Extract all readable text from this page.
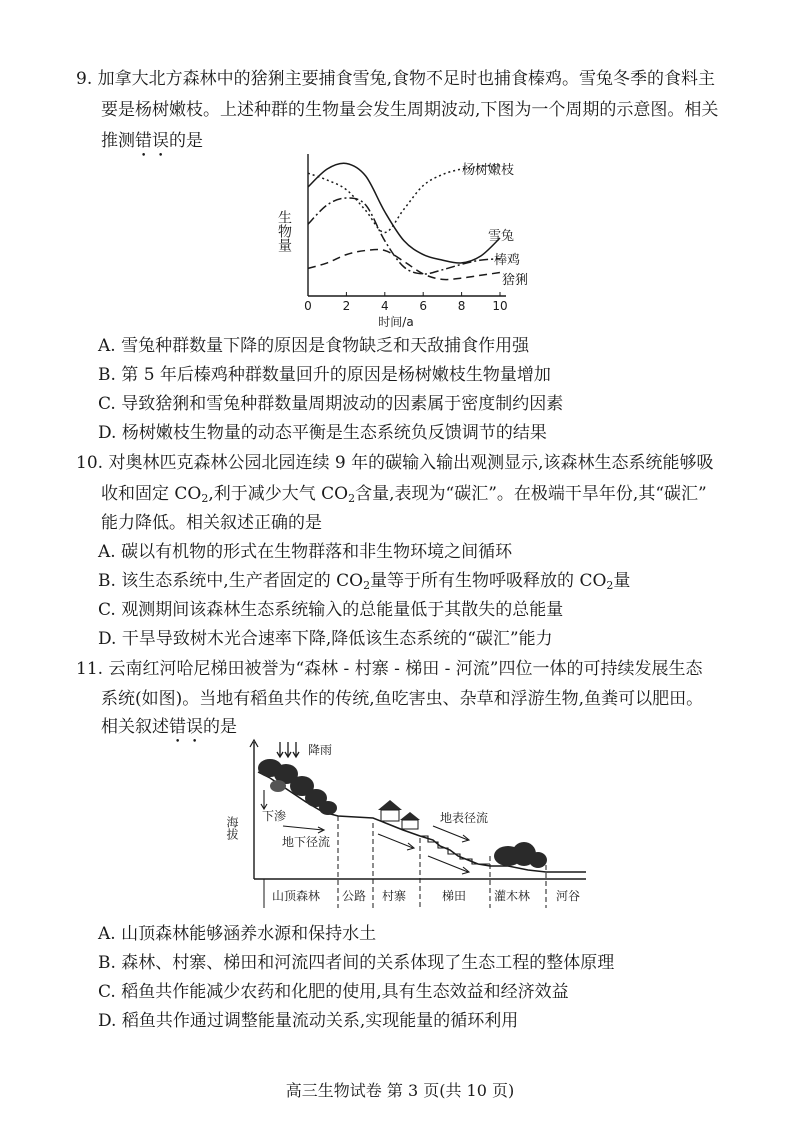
9. 加拿大北方森林中的猞猁主要捕食雪兔,食物不足时也捕食榛鸡。雪兔冬季的食料主
要是杨树嫩枝。上述种群的生物量会发生周期波动,下图为一个周期的示意图。相关
推测错误的是
0	2	4	6	8 10
时间/a
生物量
杨树嫩枝
雪兔
棒鸡
猞猁
A. 雪兔种群数量下降的原因是食物缺乏和天敌捕食作用强
B. 第 5 年后榛鸡种群数量回升的原因是杨树嫩枝生物量增加
C. 导致猞猁和雪兔种群数量周期波动的因素属于密度制约因素
D. 杨树嫩枝生物量的动态平衡是生态系统负反馈调节的结果
10. 对奥林匹克森林公园北园连续 9 年的碳输入输出观测显示,该森林生态系统能够吸
收和固定 $CO_2$,利于减少大气 $CO_2$含量,表现为“碳汇”。在极端干旱年份,其“碳汇”
能力降低。相关叙述正确的是
A. 碳以有机物的形式在生物群落和非生物环境之间循环
B. 该生态系统中,生产者固定的 $CO_2$量等于所有生物呼吸释放的 $CO_2$量
C. 观测期间该森林生态系统输入的总能量低于其散失的总能量
D. 干旱导致树木光合速率下降,降低该生态系统的“碳汇”能力
11. 云南红河哈尼梯田被誉为“森林 - 村寨 - 梯田 - 河流”四位一体的可持续发展生态
系统(如图)。当地有稻鱼共作的传统,鱼吃害虫、杂草和浮游生物,鱼粪可以肥田。
相关叙述错误的是
海拔
降雨
下渗
地下径流
地表径流
山顶森林 公路 村寨	梯田 灌木林 河谷
A. 山顶森林能够涵养水源和保持水土
B. 森林、村寨、梯田和河流四者间的关系体现了生态工程的整体原理
C. 稻鱼共作能减少农药和化肥的使用,具有生态效益和经济效益
D. 稻鱼共作通过调整能量流动关系,实现能量的循环利用
高三生物试卷 第 3 页(共 10 页)
